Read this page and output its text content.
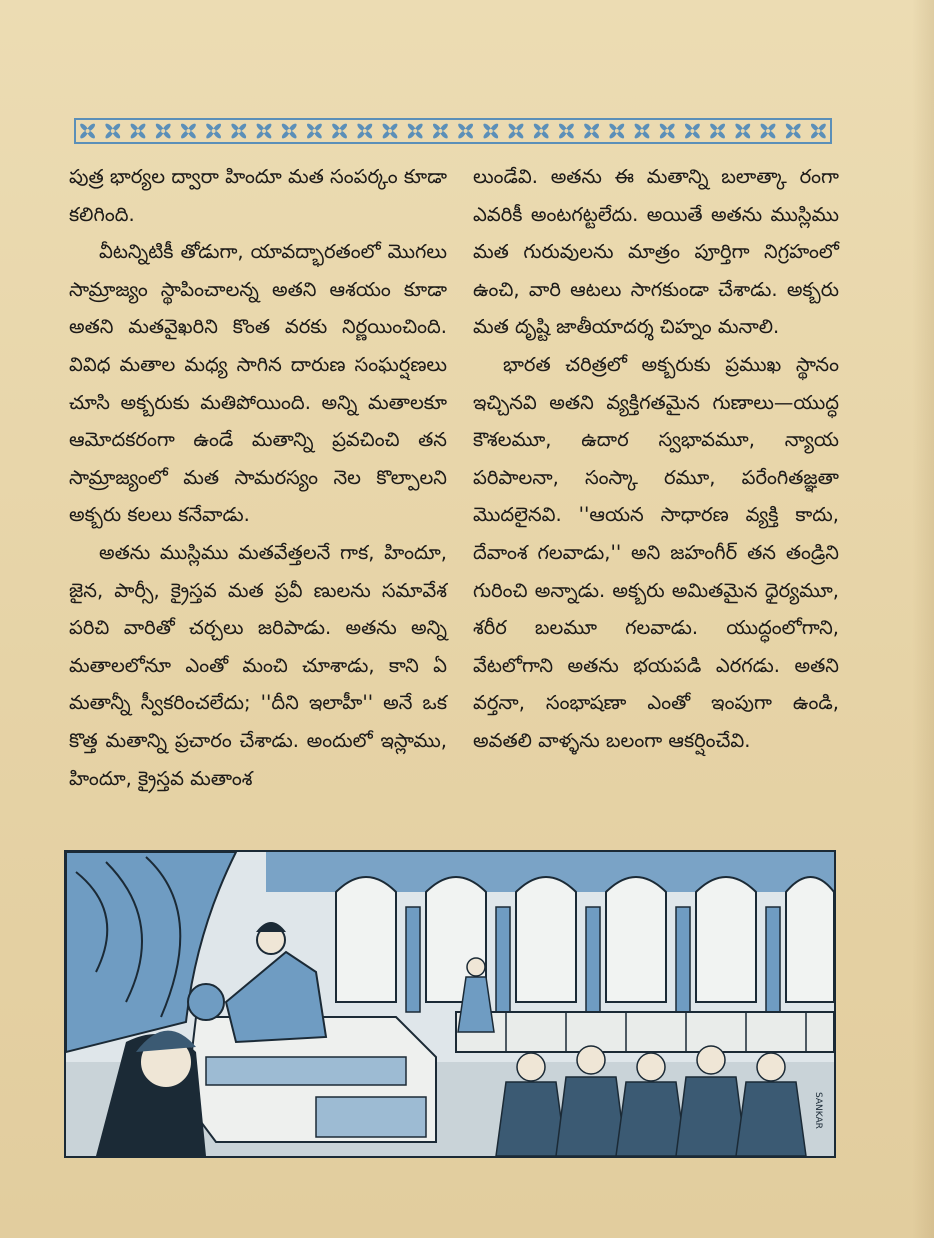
పుత్ర భార్యల ద్వారా హిందూ మత సంపర్కం కూడా కలిగింది.

వీటన్నిటికీ తోడుగా, యావద్భారతంలో మొగలు సామ్రాజ్యం స్థాపించాలన్న అతని ఆశయం కూడా అతని మతవైఖరిని కొంత వరకు నిర్ణయించింది. వివిధ మతాల మధ్య సాగిన దారుణ సంఘర్షణలు చూసి అక్బరుకు మతిపోయింది. అన్ని మతాలకూ ఆమోదకరంగా ఉండే మతాన్ని ప్రవచించి తన సామ్రాజ్యంలో మత సామరస్యం నెల కొల్పాలని అక్బరు కలలు కనేవాడు.

అతను ముస్లిము మతవేత్తలనే గాక, హిందూ, జైన, పార్సీ, క్రైస్తవ మత ప్రవీ ణులను సమావేశ పరిచి వారితో చర్చలు జరిపాడు. అతను అన్ని మతాలలోనూ ఎంతో మంచి చూశాడు, కాని ఏ మతాన్నీ స్వీకరించలేదు; ''దీని ఇలాహీ'' అనే ఒక కొత్త మతాన్ని ప్రచారం చేశాడు. అందులో ఇస్లాము, హిందూ, క్రైస్తవ మతాంశ

లుండేవి. అతను ఈ మతాన్ని బలాత్కా రంగా ఎవరికీ అంటగట్టలేదు. అయితే అతను ముస్లిము మత గురువులను మాత్రం పూర్తిగా నిగ్రహంలో ఉంచి, వారి ఆటలు సాగకుండా చేశాడు. అక్బరు మత దృష్టి జాతీయాదర్శ చిహ్నం మనాలి.

భారత చరిత్రలో అక్బరుకు ప్రముఖ స్థానం ఇచ్చినవి అతని వ్యక్తిగతమైన గుణాలు—యుద్ధ కౌశలమూ, ఉదార స్వభావమూ, న్యాయ పరిపాలనా, సంస్కా రమూ, పరేంగితజ్ఞతా మొదలైనవి. ''ఆయన సాధారణ వ్యక్తి కాదు, దేవాంశ గలవాడు,'' అని జహంగీర్ తన తండ్రిని గురించి అన్నాడు. అక్బరు అమితమైన ధైర్యమూ, శరీర బలమూ గలవాడు. యుద్ధంలోగాని, వేటలోగాని అతను భయపడి ఎరగడు. అతని వర్తనా, సంభాషణా ఎంతో ఇంపుగా ఉండి, అవతలి వాళ్ళను బలంగా ఆకర్షించేవి.

SANKAR
